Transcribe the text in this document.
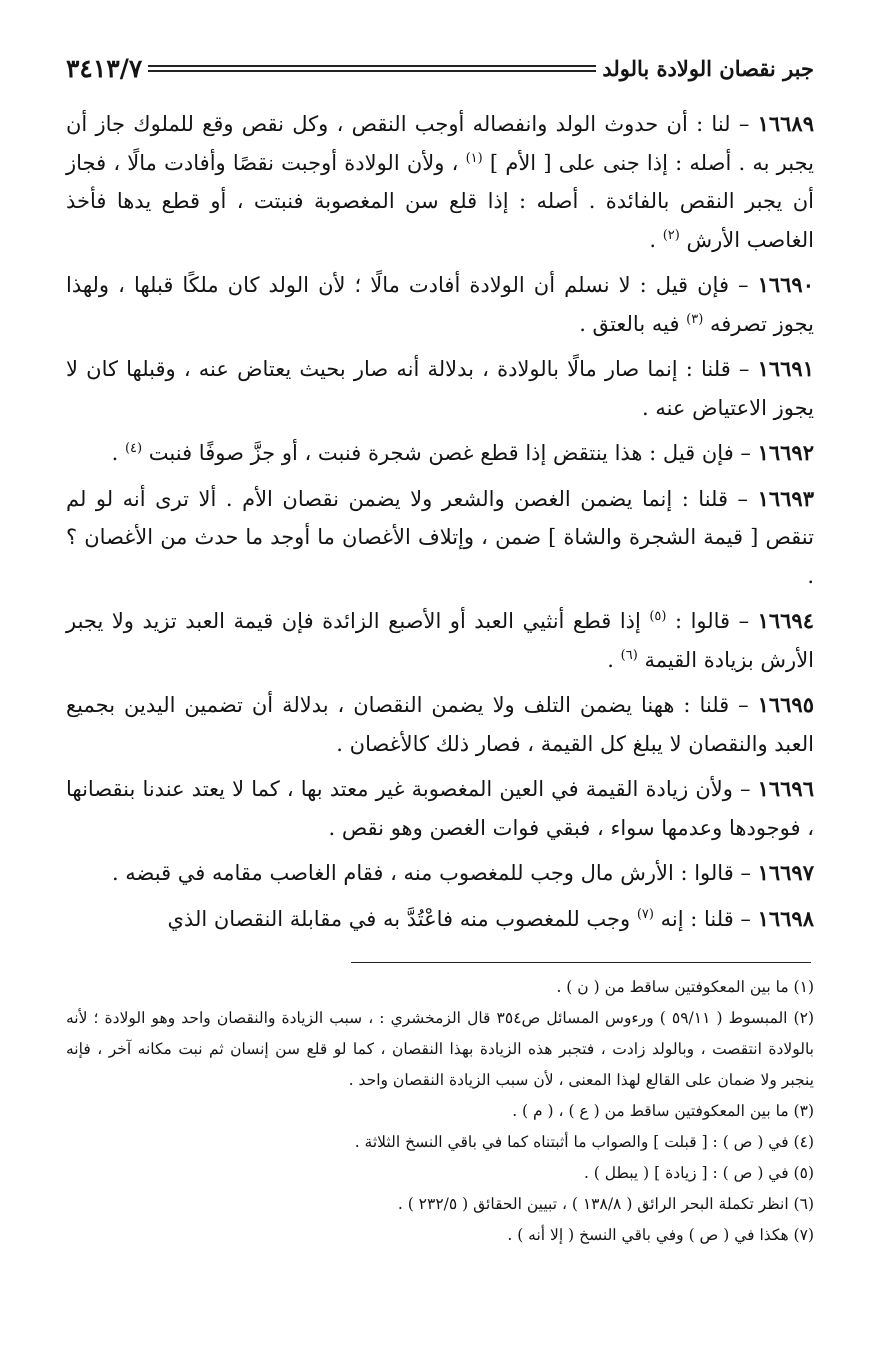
جبر نقصان الولادة بالولد
٣٤١٣/٧

١٦٦٨٩ – لنا : أن حدوث الولد وانفصاله أوجب النقص ، وكل نقص وقع للملوك جاز أن يجبر به . أصله : إذا جنى على [ الأم ] $^{(١)}$ ، ولأن الولادة أوجبت نقصًا وأفادت مالًا ، فجاز أن يجبر النقص بالفائدة . أصله : إذا قلع سن المغصوبة فنبتت ، أو قطع يدها فأخذ الغاصب الأرش $^{(٢)}$ .

١٦٦٩٠ – فإن قيل : لا نسلم أن الولادة أفادت مالًا ؛ لأن الولد كان ملكًا قبلها ، ولهذا يجوز تصرفه $^{(٣)}$ فيه بالعتق .

١٦٦٩١ – قلنا : إنما صار مالًا بالولادة ، بدلالة أنه صار بحيث يعتاض عنه ، وقبلها كان لا يجوز الاعتياض عنه .

١٦٦٩٢ – فإن قيل : هذا ينتقض إذا قطع غصن شجرة فنبت ، أو جزَّ صوفًا فنبت $^{(٤)}$ .

١٦٦٩٣ – قلنا : إنما يضمن الغصن والشعر ولا يضمن نقصان الأم . ألا ترى أنه لو لم تنقص [ قيمة الشجرة والشاة ] ضمن ، وإتلاف الأغصان ما أوجد ما حدث من الأغصان ؟ .

١٦٦٩٤ – قالوا : $^{(٥)}$ إذا قطع أنثيي العبد أو الأصبع الزائدة فإن قيمة العبد تزيد ولا يجبر الأرش بزيادة القيمة $^{(٦)}$ .

١٦٦٩٥ – قلنا : ههنا يضمن التلف ولا يضمن النقصان ، بدلالة أن تضمين اليدين بجميع العبد والنقصان لا يبلغ كل القيمة ، فصار ذلك كالأغصان .

١٦٦٩٦ – ولأن زيادة القيمة في العين المغصوبة غير معتد بها ، كما لا يعتد عندنا بنقصانها ، فوجودها وعدمها سواء ، فبقي فوات الغصن وهو نقص .

١٦٦٩٧ – قالوا : الأرش مال وجب للمغصوب منه ، فقام الغاصب مقامه في قبضه .

١٦٦٩٨ – قلنا : إنه $^{(٧)}$ وجب للمغصوب منه فاعْتُدَّ به في مقابلة النقصان الذي

(١) ما بين المعكوفتين ساقط من ( ن ) .

(٢) المبسوط ( ٥٩/١١ ) ورءوس المسائل ص٣٥٤ قال الزمخشري : ، سبب الزيادة والنقصان واحد وهو الولادة ؛ لأنه بالولادة انتقصت ، وبالولد زادت ، فتجبر هذه الزيادة بهذا النقصان ، كما لو قلع سن إنسان ثم نبت مكانه آخر ، فإنه ينجبر ولا ضمان على القالع لهذا المعنى ، لأن سبب الزيادة النقصان واحد .

(٣) ما بين المعكوفتين ساقط من ( ع ) ، ( م ) .

(٤) في ( ص ) : [ قبلت ] والصواب ما أثبتناه كما في باقي النسخ الثلاثة .

(٥) في ( ص ) : [ زيادة ] ( يبطل ) .

(٦) انظر تكملة البحر الرائق ( ١٣٨/٨ ) ، تبيين الحقائق ( ٢٣٢/٥ ) .

(٧) هكذا في ( ص ) وفي باقي النسخ ( إلا أنه ) .
